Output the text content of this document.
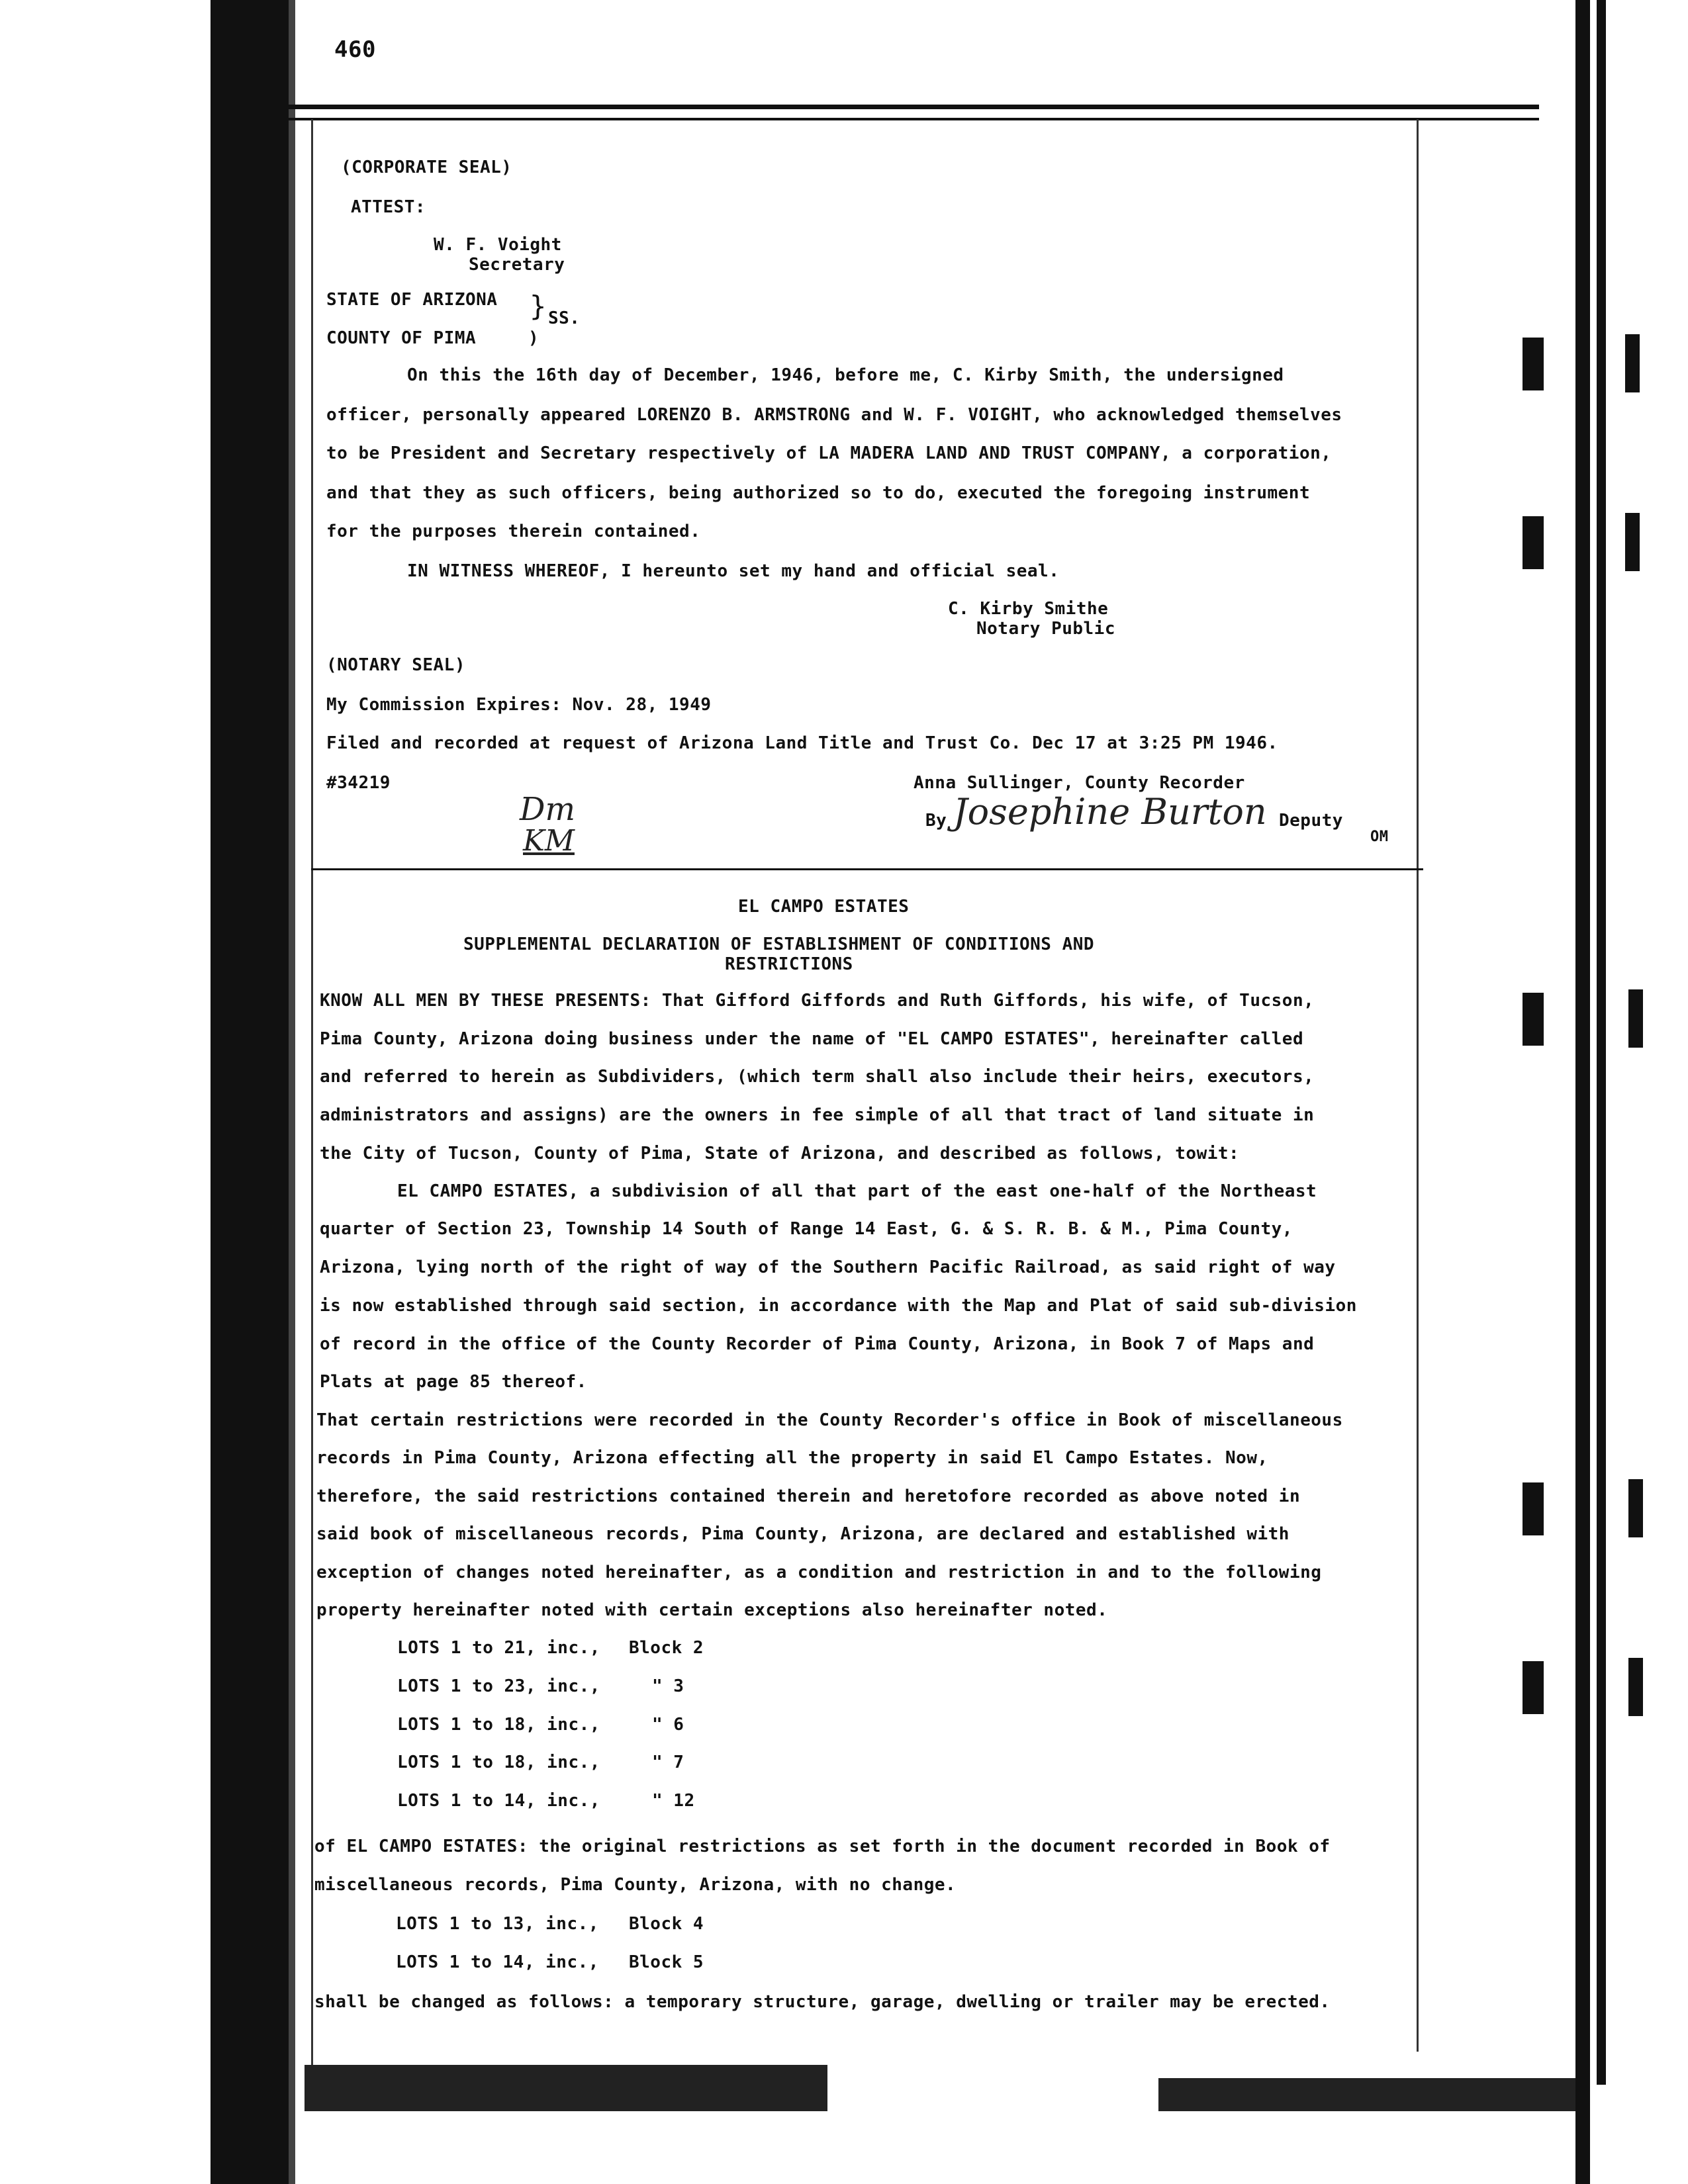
460
(CORPORATE SEAL)
ATTEST:
W. F. Voight
Secretary
STATE OF ARIZONA } SS.
COUNTY OF PIMA	)
On this the 16th day of December, 1946, before me, C. Kirby Smith, the undersigned
officer, personally appeared LORENZO B. ARMSTRONG and W. F. VOIGHT, who acknowledged themselves
to be President and Secretary respectively of LA MADERA LAND AND TRUST COMPANY, a corporation,
and that they as such officers, being authorized so to do, executed the foregoing instrument
for the purposes therein contained.
IN WITNESS WHEREOF, I hereunto set my hand and official seal.
C. Kirby Smithe
Notary Public
(NOTARY SEAL)
My Commission Expires: Nov. 28, 1949
Filed and recorded at request of Arizona Land Title and Trust Co. Dec 17 at 3:25 PM 1946.
#34219	Anna Sullinger, County Recorder
By Josephine Burton Deputy
OM
Dm
KM
EL CAMPO ESTATES
SUPPLEMENTAL DECLARATION OF ESTABLISHMENT OF CONDITIONS AND
RESTRICTIONS
KNOW ALL MEN BY THESE PRESENTS: That Gifford Giffords and Ruth Giffords, his wife, of Tucson,
Pima County, Arizona doing business under the name of "EL CAMPO ESTATES", hereinafter called
and referred to herein as Subdividers, (which term shall also include their heirs, executors,
administrators and assigns) are the owners in fee simple of all that tract of land situate in
the City of Tucson, County of Pima, State of Arizona, and described as follows, towit:
EL CAMPO ESTATES, a subdivision of all that part of the east one-half of the Northeast
quarter of Section 23, Township 14 South of Range 14 East, G. & S. R. B. & M., Pima County,
Arizona, lying north of the right of way of the Southern Pacific Railroad, as said right of way
is now established through said section, in accordance with the Map and Plat of said sub-division
of record in the office of the County Recorder of Pima County, Arizona, in Book 7 of Maps and
Plats at page 85 thereof.
That certain restrictions were recorded in the County Recorder's office in Book of miscellaneous
records in Pima County, Arizona effecting all the property in said El Campo Estates. Now,
therefore, the said restrictions contained therein and heretofore recorded as above noted in
said book of miscellaneous records, Pima County, Arizona, are declared and established with
exception of changes noted hereinafter, as a condition and restriction in and to the following
property hereinafter noted with certain exceptions also hereinafter noted.
LOTS 1 to 21, inc., Block 2
LOTS 1 to 23, inc.,	" 3
LOTS 1 to 18, inc.,	" 6
LOTS 1 to 18, inc.,	" 7
LOTS 1 to 14, inc.,	" 12
of EL CAMPO ESTATES: the original restrictions as set forth in the document recorded in Book of
miscellaneous records, Pima County, Arizona, with no change.
LOTS 1 to 13, inc., Block 4
LOTS 1 to 14, inc., Block 5
shall be changed as follows: a temporary structure, garage, dwelling or trailer may be erected.
